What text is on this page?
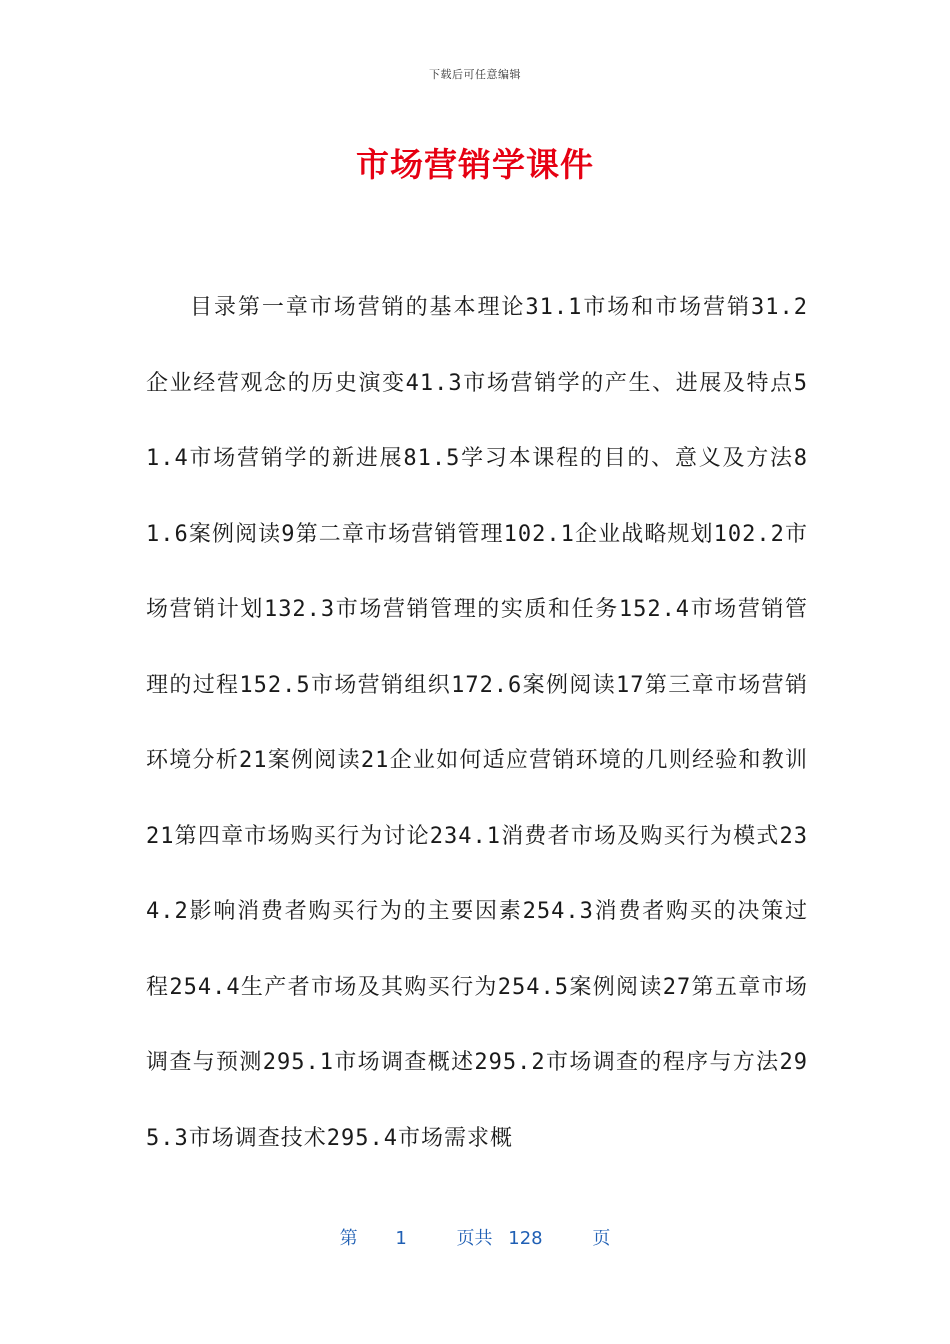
下载后可任意编辑
市场营销学课件

目录第一章市场营销的基本理论31.1市场和市场营销31.2企业经营观念的历史演变41.3市场营销学的产生、进展及特点51.4市场营销学的新进展81.5学习本课程的目的、意义及方法81.6案例阅读9第二章市场营销管理102.1企业战略规划102.2市场营销计划132.3市场营销管理的实质和任务152.4市场营销管理的过程152.5市场营销组织172.6案例阅读17第三章市场营销环境分析21案例阅读21企业如何适应营销环境的几则经验和教训21第四章市场购买行为讨论234.1消费者市场及购买行为模式234.2影响消费者购买行为的主要因素254.3消费者购买的决策过程254.4生产者市场及其购买行为254.5案例阅读27第五章市场调查与预测295.1市场调查概述295.2市场调查的程序与方法295.3市场调查技术295.4市场需求概

第 1	页共 128	页
